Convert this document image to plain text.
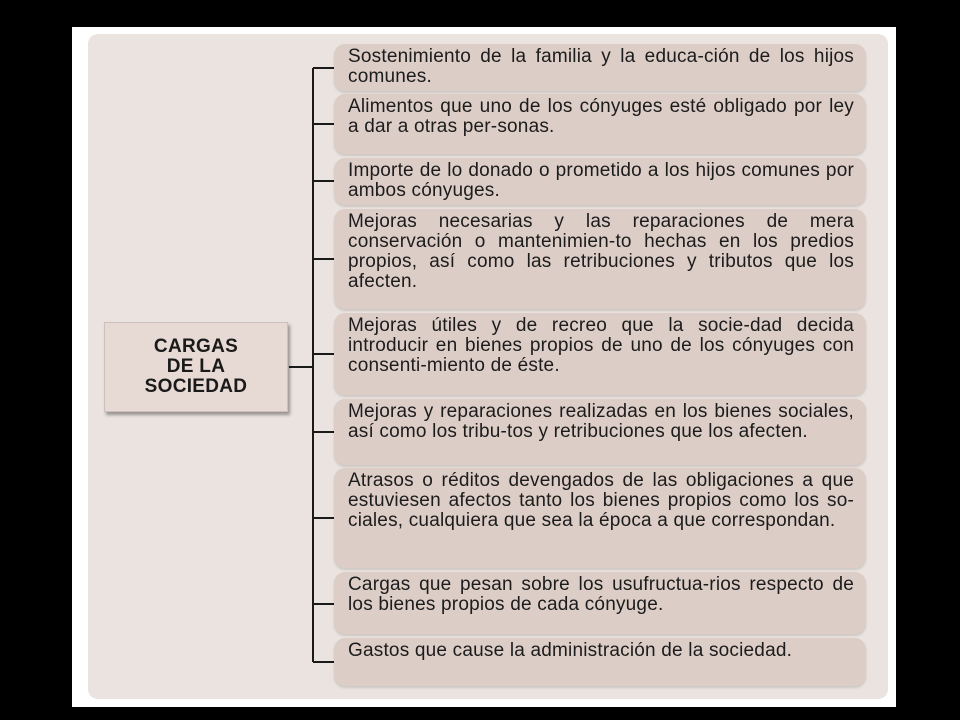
CARGAS
DE LA
SOCIEDAD
Sostenimiento de la familia y la educa-ción de los hijos comunes.
Alimentos que uno de los cónyuges esté obligado por ley a dar a otras per-sonas.
Importe de lo donado o prometido a los hijos comunes por ambos cónyuges.
Mejoras necesarias y las reparaciones de mera conservación o mantenimien-to hechas en los predios propios, así como las retribuciones y tributos que los afecten.
Mejoras útiles y de recreo que la socie-dad decida introducir en bienes propios de uno de los cónyuges con consenti-miento de éste.
Mejoras y reparaciones realizadas en los bienes sociales, así como los tribu-tos y retribuciones que los afecten.
Atrasos o réditos devengados de las obligaciones a que estuviesen afectos tanto los bienes propios como los so-ciales, cualquiera que sea la época a que correspondan.
Cargas que pesan sobre los usufructua-rios respecto de los bienes propios de cada cónyuge.
Gastos que cause la administración de la sociedad.
